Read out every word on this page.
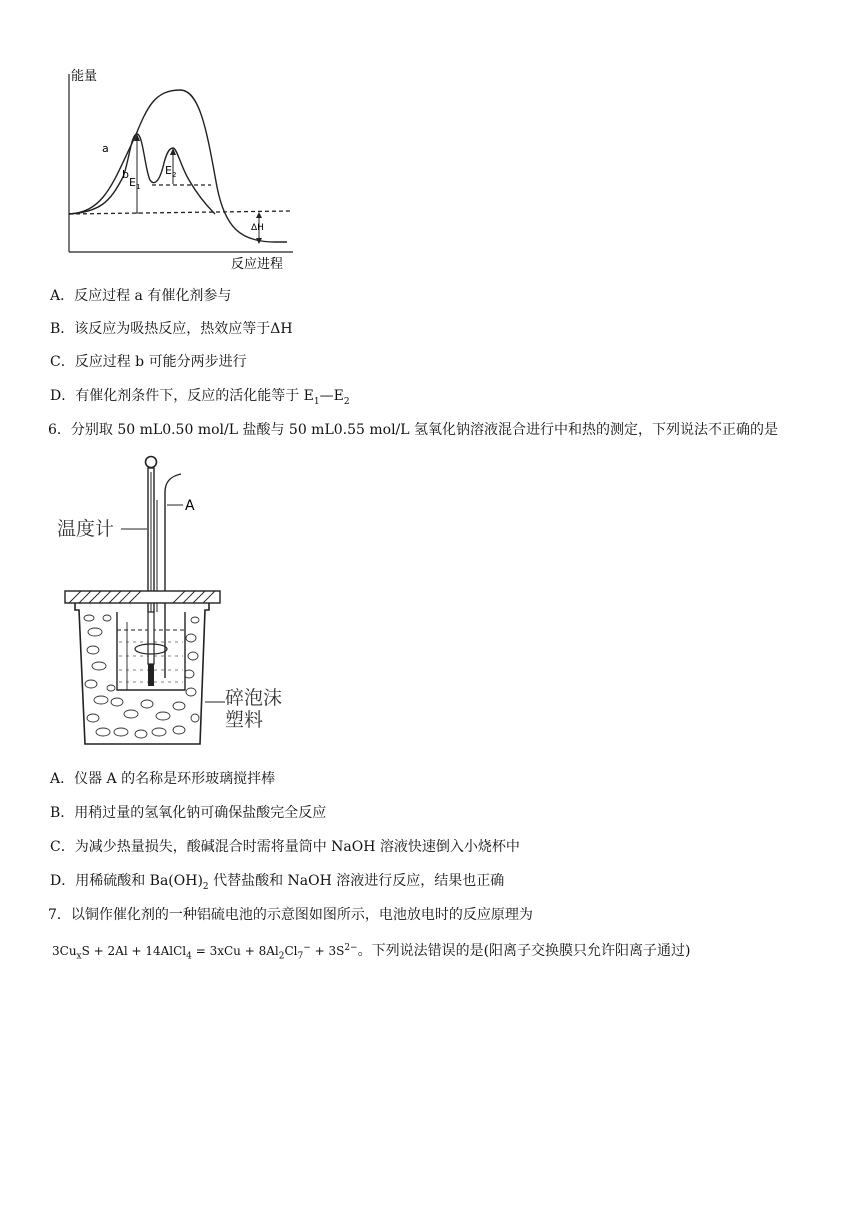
能量
反应进程
a
b
$E_1$
$E_2$
ΔH
A．反应过程 a 有催化剂参与
B．该反应为吸热反应，热效应等于ΔH
C．反应过程 b 可能分两步进行
D．有催化剂条件下，反应的活化能等于 $E_1—E_2$
6．分别取 50 mL0.50 mol/L 盐酸与 50 mL0.55 mol/L 氢氧化钠溶液混合进行中和热的测定，下列说法不正确的是
A
温度计
碎泡沫
塑料
A．仪器 A 的名称是环形玻璃搅拌棒
B．用稍过量的氢氧化钠可确保盐酸完全反应
C．为减少热量损失，酸碱混合时需将量筒中 NaOH 溶液快速倒入小烧杯中
D．用稀硫酸和 $Ba(OH)_2$ 代替盐酸和 NaOH 溶液进行反应，结果也正确
7．以铜作催化剂的一种铝硫电池的示意图如图所示，电池放电时的反应原理为
$3Cu_xS + 2Al$ + 14AlCl$_4$ = $3xCu + 8Al_2Cl_7^- + 3S^{2-}$。下列说法错误的是(阳离子交换膜只允许阳离子通过)
